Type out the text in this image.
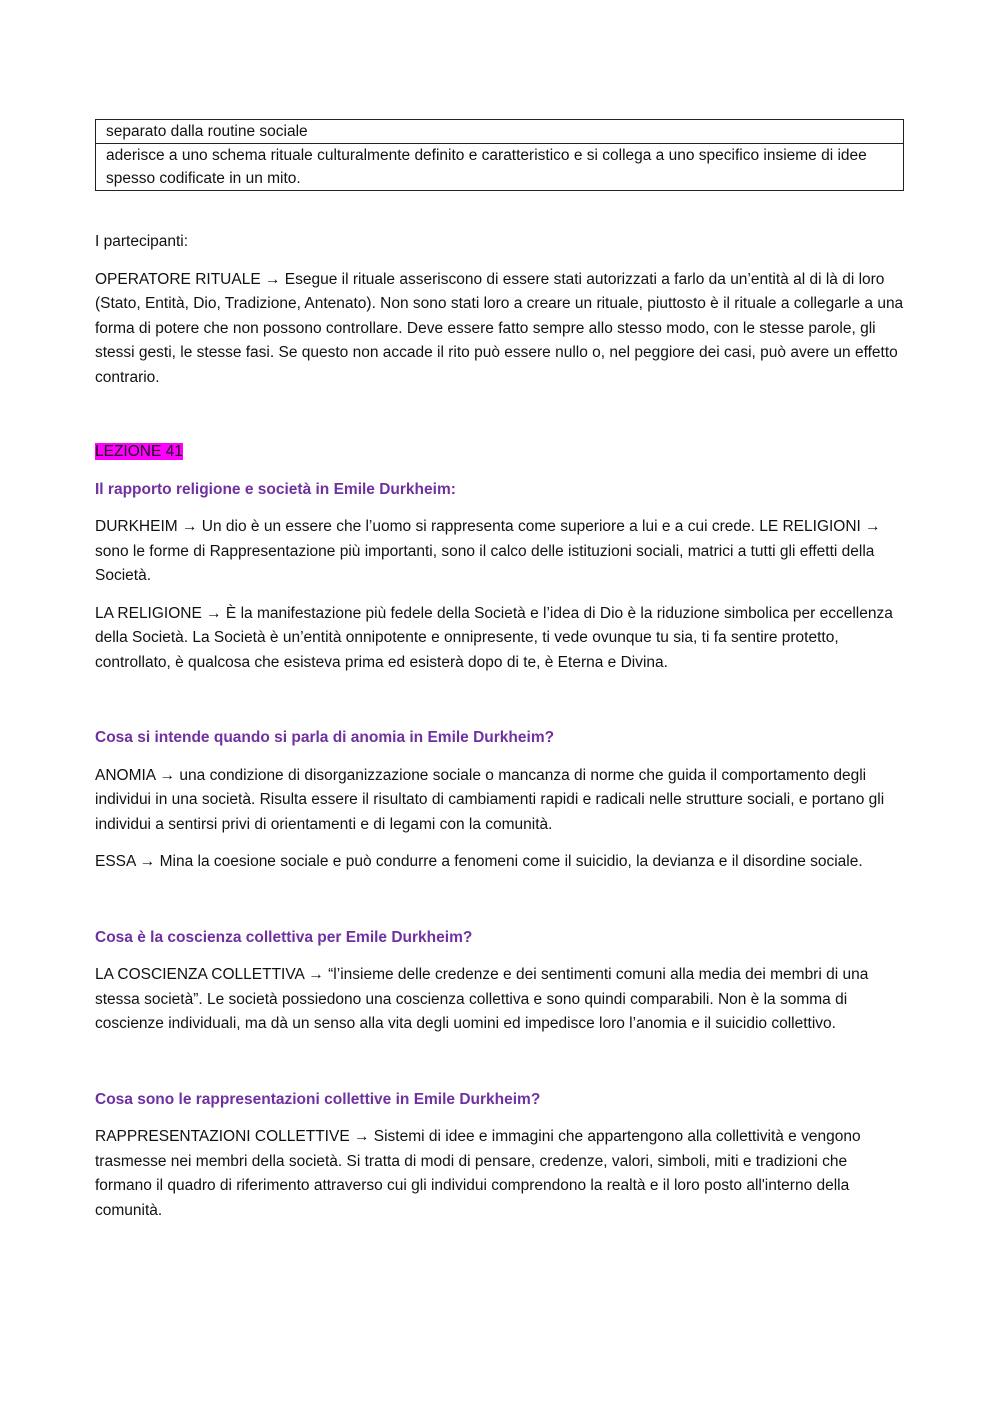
separato dalla routine sociale
aderisce a uno schema rituale culturalmente definito e caratteristico e si collega a uno specifico insieme di idee spesso codificate in un mito.

I partecipanti:

OPERATORE RITUALE → Esegue il rituale asseriscono di essere stati autorizzati a farlo da un’entità al di là di loro (Stato, Entità, Dio, Tradizione, Antenato). Non sono stati loro a creare un rituale, piuttosto è il rituale a collegarle a una forma di potere che non possono controllare. Deve essere fatto sempre allo stesso modo, con le stesse parole, gli stessi gesti, le stesse fasi. Se questo non accade il rito può essere nullo o, nel peggiore dei casi, può avere un effetto contrario.

LEZIONE 41

Il rapporto religione e società in Emile Durkheim:

DURKHEIM → Un dio è un essere che l’uomo si rappresenta come superiore a lui e a cui crede. LE RELIGIONI → sono le forme di Rappresentazione più importanti, sono il calco delle istituzioni sociali, matrici a tutti gli effetti della Società.

LA RELIGIONE → È la manifestazione più fedele della Società e l’idea di Dio è la riduzione simbolica per eccellenza della Società. La Società è un’entità onnipotente e onnipresente, ti vede ovunque tu sia, ti fa sentire protetto, controllato, è qualcosa che esisteva prima ed esisterà dopo di te, è Eterna e Divina.

Cosa si intende quando si parla di anomia in Emile Durkheim?

ANOMIA → una condizione di disorganizzazione sociale o mancanza di norme che guida il comportamento degli individui in una società. Risulta essere il risultato di cambiamenti rapidi e radicali nelle strutture sociali, e portano gli individui a sentirsi privi di orientamenti e di legami con la comunità.

ESSA → Mina la coesione sociale e può condurre a fenomeni come il suicidio, la devianza e il disordine sociale.

Cosa è la coscienza collettiva per Emile Durkheim?

LA COSCIENZA COLLETTIVA → “l’insieme delle credenze e dei sentimenti comuni alla media dei membri di una stessa società”. Le società possiedono una coscienza collettiva e sono quindi comparabili. Non è la somma di coscienze individuali, ma dà un senso alla vita degli uomini ed impedisce loro l’anomia e il suicidio collettivo.

Cosa sono le rappresentazioni collettive in Emile Durkheim?

RAPPRESENTAZIONI COLLETTIVE → Sistemi di idee e immagini che appartengono alla collettività e vengono trasmesse nei membri della società. Si tratta di modi di pensare, credenze, valori, simboli, miti e tradizioni che formano il quadro di riferimento attraverso cui gli individui comprendono la realtà e il loro posto all'interno della comunità.
